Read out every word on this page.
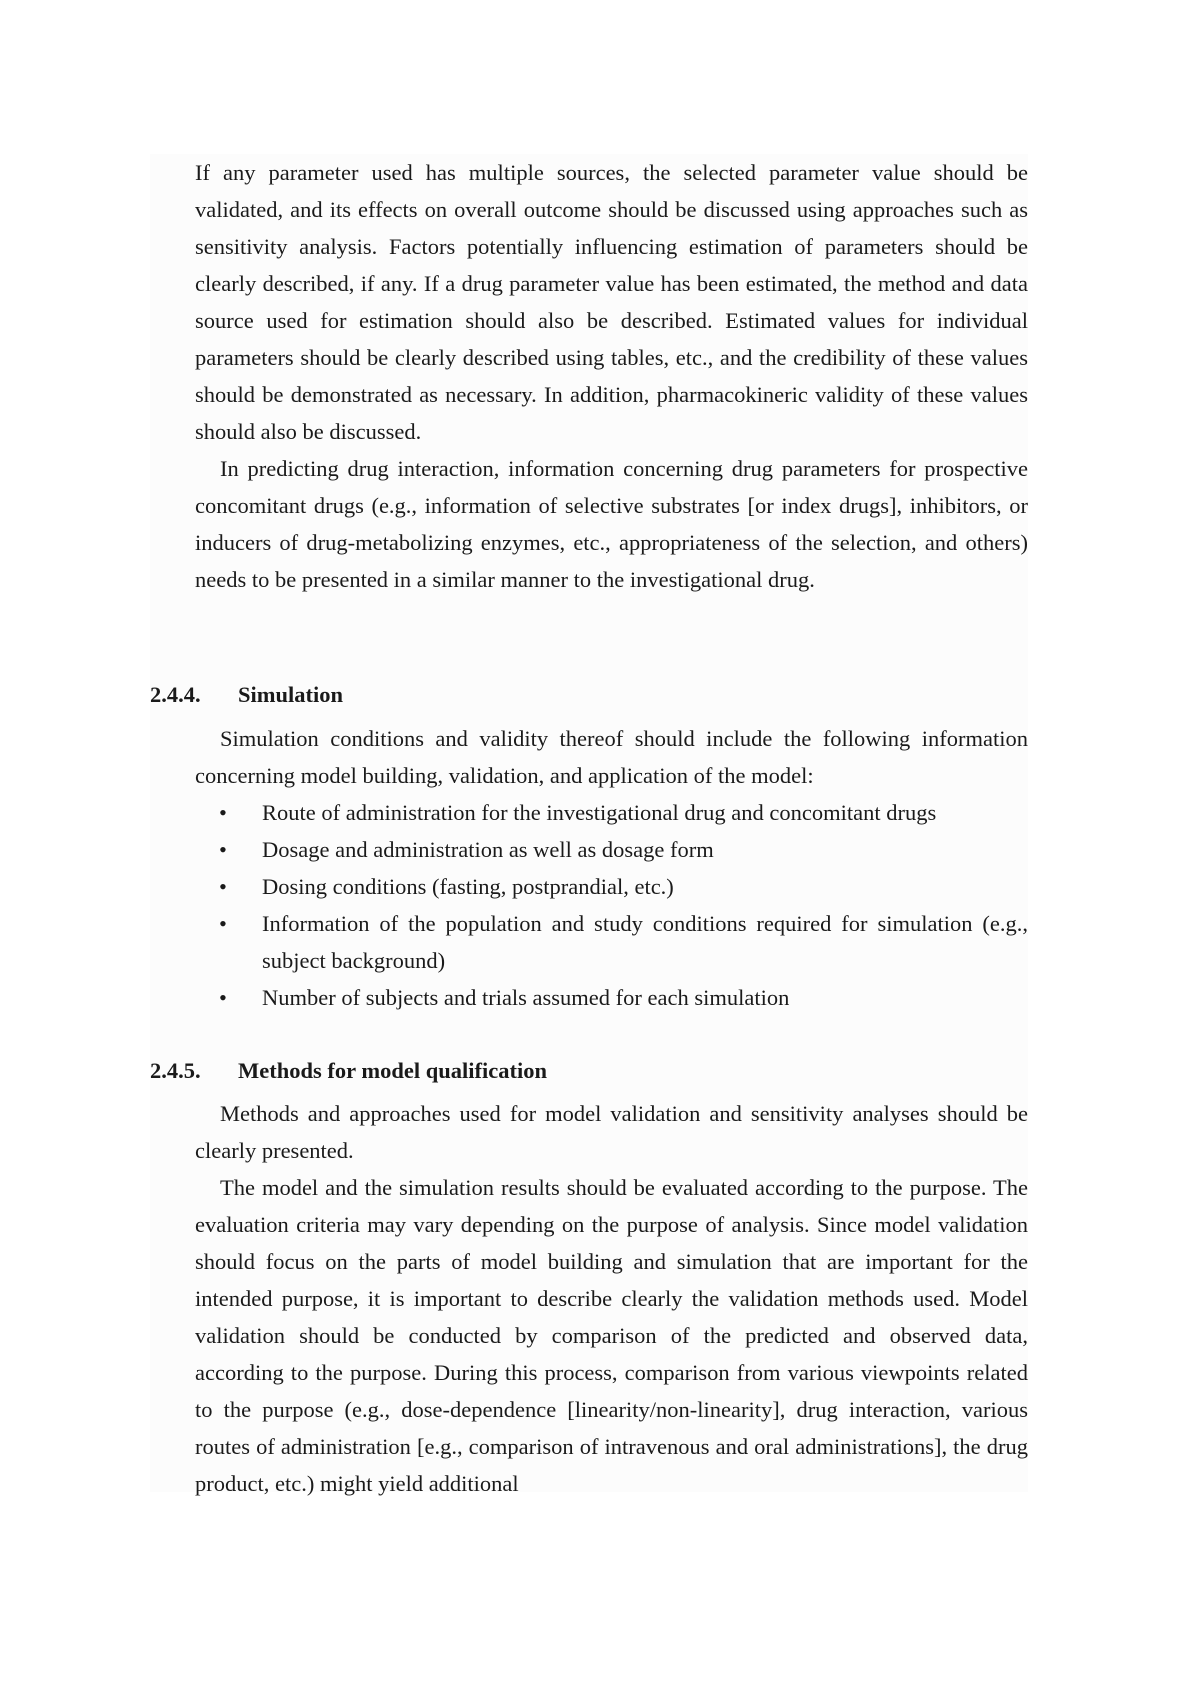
If any parameter used has multiple sources, the selected parameter value should be validated, and its effects on overall outcome should be discussed using approaches such as sensitivity analysis. Factors potentially influencing estimation of parameters should be clearly described, if any. If a drug parameter value has been estimated, the method and data source used for estimation should also be described. Estimated values for individual parameters should be clearly described using tables, etc., and the credibility of these values should be demonstrated as necessary. In addition, pharmacokineric validity of these values should also be discussed.

In predicting drug interaction, information concerning drug parameters for prospective concomitant drugs (e.g., information of selective substrates [or index drugs], inhibitors, or inducers of drug-metabolizing enzymes, etc., appropriateness of the selection, and others) needs to be presented in a similar manner to the investigational drug.

2.4.4. Simulation

Simulation conditions and validity thereof should include the following information concerning model building, validation, and application of the model:

• Route of administration for the investigational drug and concomitant drugs
• Dosage and administration as well as dosage form
• Dosing conditions (fasting, postprandial, etc.)
• Information of the population and study conditions required for simulation (e.g., subject background)
• Number of subjects and trials assumed for each simulation
2.4.5. Methods for model qualification

Methods and approaches used for model validation and sensitivity analyses should be clearly presented.

The model and the simulation results should be evaluated according to the purpose. The evaluation criteria may vary depending on the purpose of analysis. Since model validation should focus on the parts of model building and simulation that are important for the intended purpose, it is important to describe clearly the validation methods used. Model validation should be conducted by comparison of the predicted and observed data, according to the purpose. During this process, comparison from various viewpoints related to the purpose (e.g., dose-dependence [linearity/non-linearity], drug interaction, various routes of administration [e.g., comparison of intravenous and oral administrations], the drug product, etc.) might yield additional
